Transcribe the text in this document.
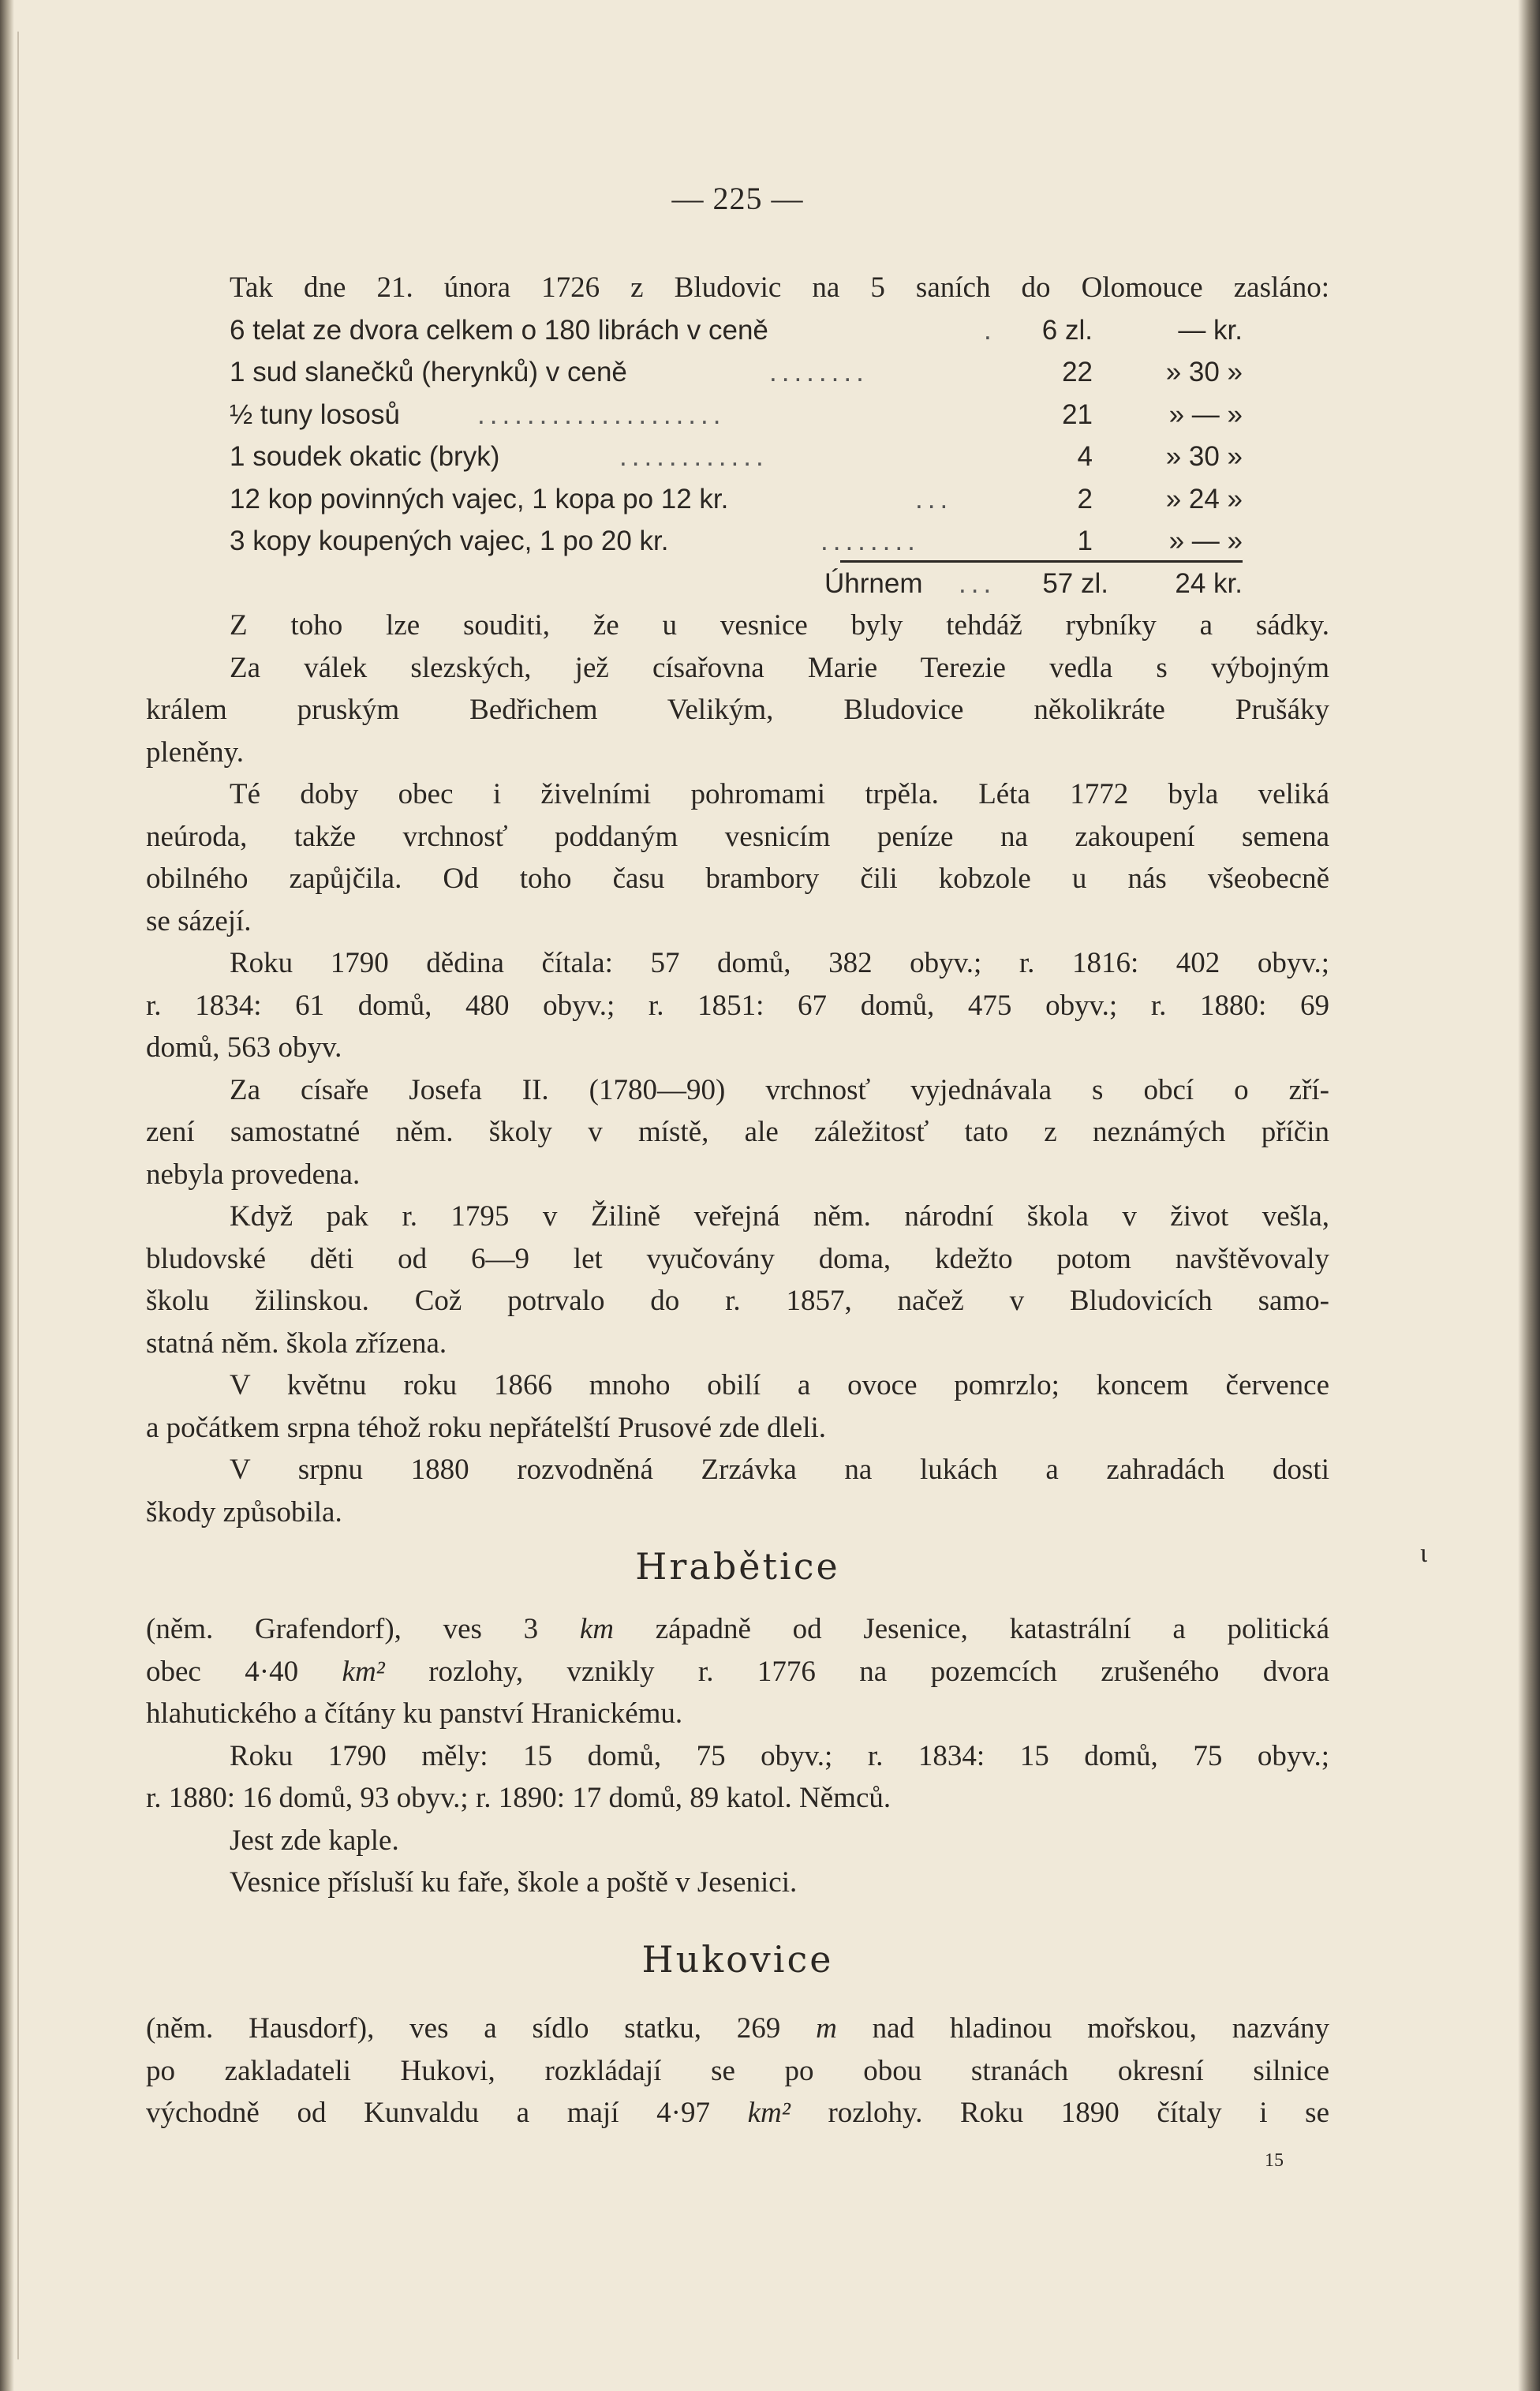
— 225 —
Tak dne 21. února 1726 z Bludovic na 5 saních do Olomouce zasláno:
6 telat ze dvora celkem o 180 librách v ceně	.	6 zl.	— kr.
1 sud slanečků (herynků) v ceně	........	22	» 30 »
½ tuny lososů	....................	21	» — »
1 soudek okatic (bryk)	............	4	» 30 »
12 kop povinných vajec, 1 kopa po 12 kr.	...	2	» 24 »
3 kopy koupených vajec, 1 po 20 kr.	........	1	» — »
Úhrnem ...	57 zl.	24 kr.
Z toho lze souditi, že u vesnice byly tehdáž rybníky a sádky.
Za válek slezských, jež císařovna Marie Terezie vedla s výbojným
králem pruským Bedřichem Velikým, Bludovice několikráte Prušáky
pleněny.
Té doby obec i živelními pohromami trpěla. Léta 1772 byla veliká
neúroda, takže vrchnosť poddaným vesnicím peníze na zakoupení semena
obilného zapůjčila. Od toho času brambory čili kobzole u nás všeobecně
se sázejí.
Roku 1790 dědina čítala: 57 domů, 382 obyv.; r. 1816: 402 obyv.;
r. 1834: 61 domů, 480 obyv.; r. 1851: 67 domů, 475 obyv.; r. 1880: 69
domů, 563 obyv.
Za císaře Josefa II. (1780—90) vrchnosť vyjednávala s obcí o zří-
zení samostatné něm. školy v místě, ale záležitosť tato z neznámých příčin
nebyla provedena.
Když pak r. 1795 v Žilině veřejná něm. národní škola v život vešla,
bludovské děti od 6—9 let vyučovány doma, kdežto potom navštěvovaly
školu žilinskou. Což potrvalo do r. 1857, načež v Bludovicích samo-
statná něm. škola zřízena.
V květnu roku 1866 mnoho obilí a ovoce pomrzlo; koncem července
a počátkem srpna téhož roku nepřátelští Prusové zde dleli.
V srpnu 1880 rozvodněná Zrzávka na lukách a zahradách dosti
škody způsobila.
Hrabětice
(něm. Grafendorf), ves 3 km západně od Jesenice, katastrální a politická
obec 4·40 km² rozlohy, vznikly r. 1776 na pozemcích zrušeného dvora
hlahutického a čítány ku panství Hranickému.
Roku 1790 měly: 15 domů, 75 obyv.; r. 1834: 15 domů, 75 obyv.;
r. 1880: 16 domů, 93 obyv.; r. 1890: 17 domů, 89 katol. Němců.
Jest zde kaple.
Vesnice přísluší ku faře, škole a poště v Jesenici.
Hukovice
(něm. Hausdorf), ves a sídlo statku, 269 m nad hladinou mořskou, nazvány
po zakladateli Hukovi, rozkládají se po obou stranách okresní silnice
východně od Kunvaldu a mají 4·97 km² rozlohy. Roku 1890 čítaly i se
15
ɩ
